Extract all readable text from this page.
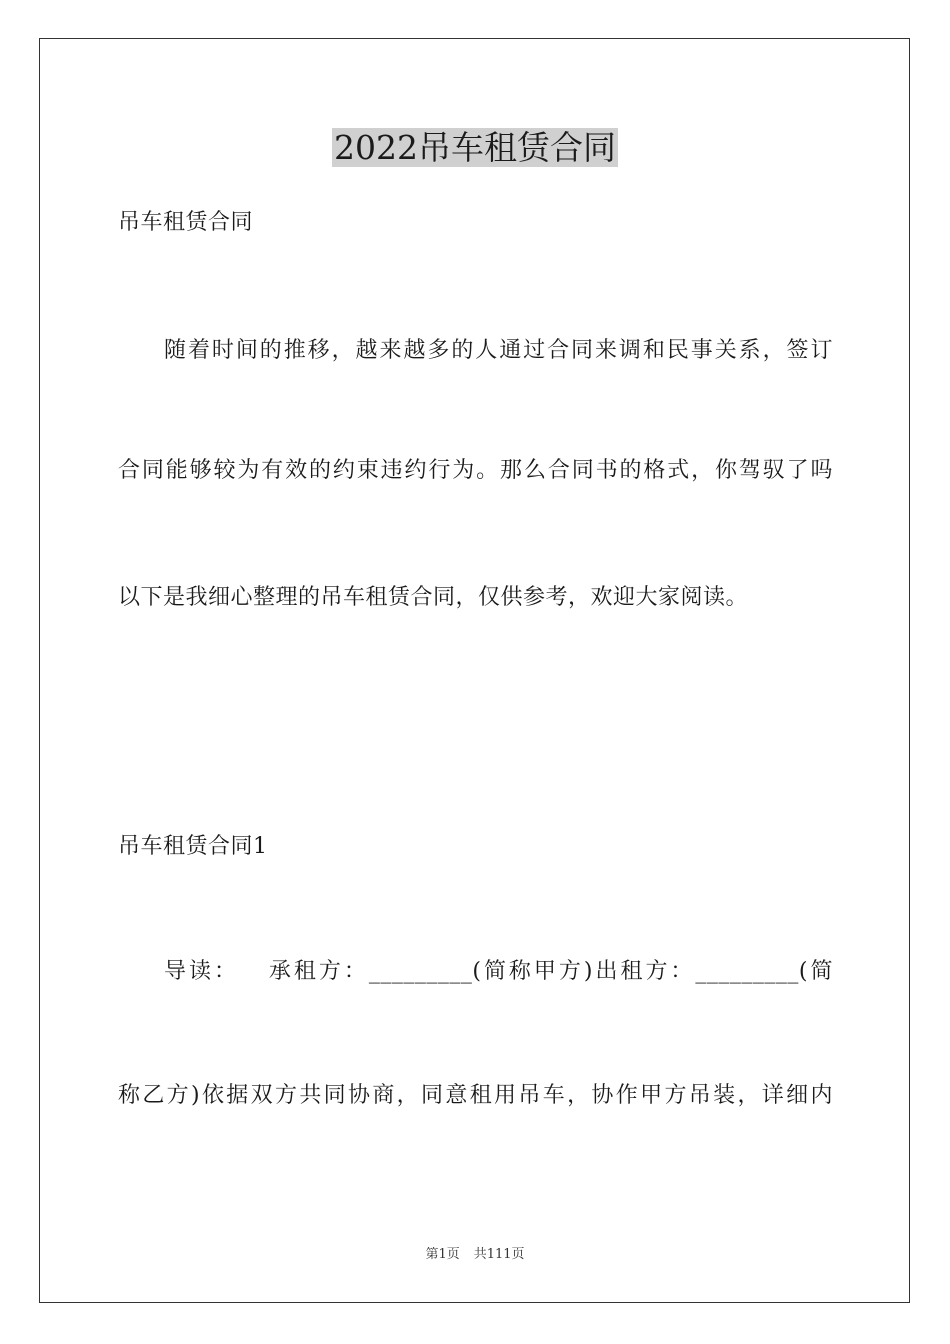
2022吊车租赁合同
吊车租赁合同
随着时间的推移，越来越多的人通过合同来调和民事关系，签订
合同能够较为有效的约束违约行为。那么合同书的格式，你驾驭了吗
以下是我细心整理的吊车租赁合同，仅供参考，欢迎大家阅读。
吊车租赁合同1
导读：   承租方：_________(简称甲方)出租方：_________(简
称乙方)依据双方共同协商，同意租用吊车，协作甲方吊装，详细内
第1页 共111页
